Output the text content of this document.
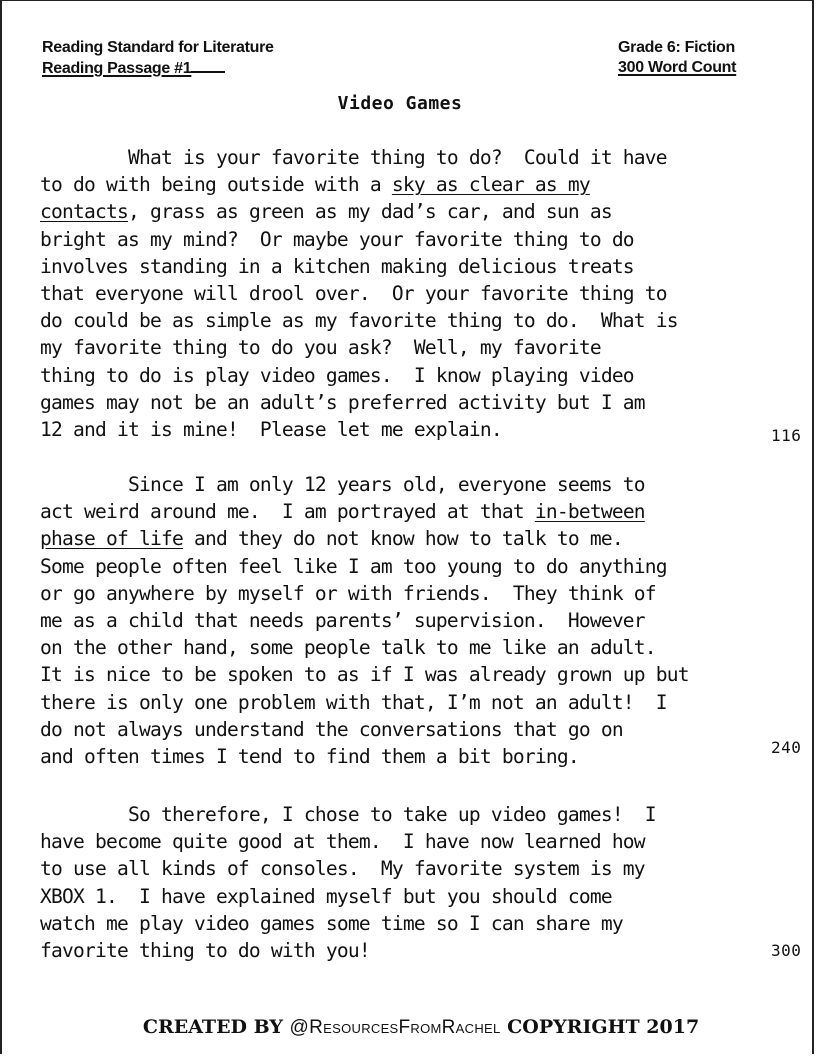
Reading Standard for Literature
Reading Passage #1
Grade 6: Fiction
300 Word Count
Video Games
What is your favorite thing to do?  Could it have
to do with being outside with a sky as clear as my
contacts, grass as green as my dad’s car, and sun as
bright as my mind?  Or maybe your favorite thing to do
involves standing in a kitchen making delicious treats
that everyone will drool over.  Or your favorite thing to
do could be as simple as my favorite thing to do.  What is
my favorite thing to do you ask?  Well, my favorite
thing to do is play video games.  I know playing video
games may not be an adult’s preferred activity but I am
12 and it is mine!  Please let me explain.	116
Since I am only 12 years old, everyone seems to
act weird around me.  I am portrayed at that in-between
phase of life and they do not know how to talk to me.
Some people often feel like I am too young to do anything
or go anywhere by myself or with friends.  They think of
me as a child that needs parents’ supervision.  However
on the other hand, some people talk to me like an adult.
It is nice to be spoken to as if I was already grown up but
there is only one problem with that, I’m not an adult!  I
do not always understand the conversations that go on
and often times I tend to find them a bit boring.	240
So therefore, I chose to take up video games!  I
have become quite good at them.  I have now learned how
to use all kinds of consoles.  My favorite system is my
XBOX 1.  I have explained myself but you should come
watch me play video games some time so I can share my
favorite thing to do with you!	300
CREATED BY @ResourcesFromRachel COPYRIGHT 2017
